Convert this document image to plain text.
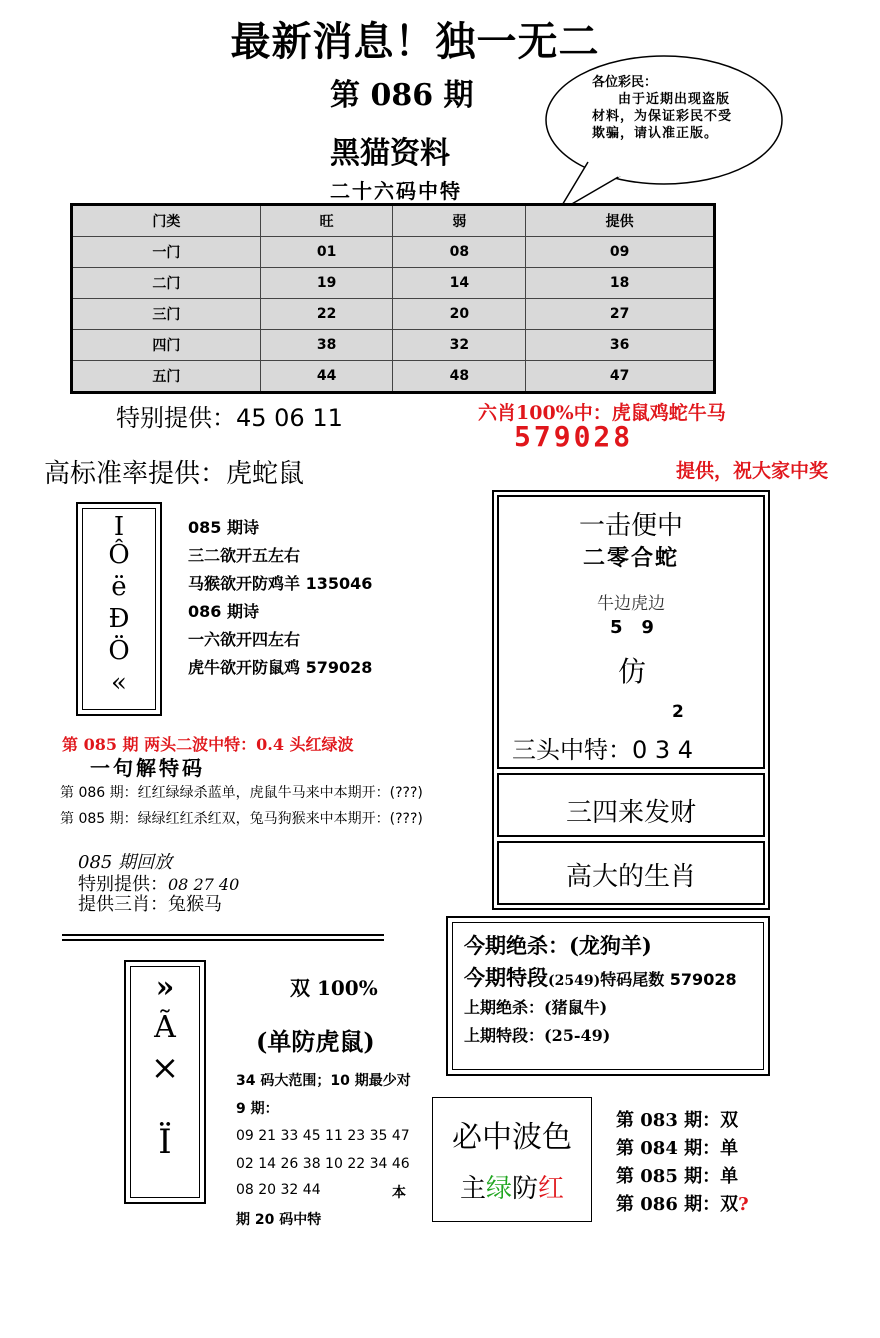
最新消息！独一无二
第 086 期
黑猫资料
二十六码中特
各位彩民：
由于近期出现盗版材料，为保证彩民不受欺骗，请认准正版。
门类	旺	弱	提供
一门	01	08	09
二门	19	14	18
三门	22	20	27
四门	38	32	36
五门	44	48	47
特别提供：45 06 11
高标准率提供：虎蛇鼠
六肖100%中：虎鼠鸡蛇牛马
579028
提供，祝大家中奖
Ⅰ
Ô
ё
Ð
Ö
«
085 期诗
三二欲开五左右
马猴欲开防鸡羊 135046
086 期诗
一六欲开四左右
虎牛欲开防鼠鸡 579028
第 085 期 两头二波中特：0.4 头红绿波
一句解特码
第 086 期：红红绿绿杀蓝单，虎鼠牛马来中本期开：(???)
第 085 期：绿绿红红杀红双，兔马狗猴来中本期开：(???)
085 期回放
特别提供：08 27 40
提供三肖：兔猴马
一击便中
二零合蛇
牛边虎边
5   9
仿
2
三头中特：0 3 4
三四来发财
高大的生肖
今期绝杀：(龙狗羊)
今期特段(2549)特码尾数 579028
上期绝杀：(猪鼠牛)
上期特段：(25-49)
»
Ã
×
Ï
双 100%
(单防虎鼠)
34 码大范围；10 期最少对
9 期：
09 21 33 45 11 23 35 47
02 14 26 38 10 22 34 46
08 20 32 44	本
期 20 码中特
必中波色
主绿防红
第 083 期：双
第 084 期：单
第 085 期：单
第 086 期：双?
